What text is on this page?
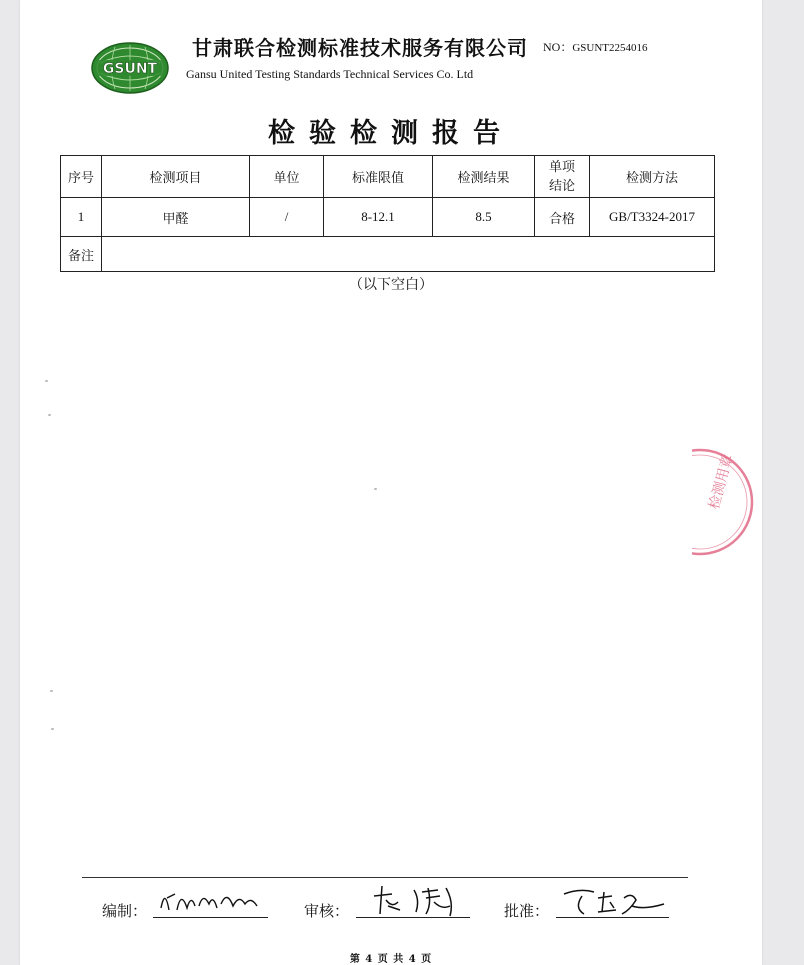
GSUNT
甘肃联合检测标准技术服务有限公司
Gansu United Testing Standards Technical Services Co. Ltd
NO：GSUNT2254016
检验检测报告
序号	检测项目	单位	标准限值	检测结果	单项结论	检测方法
1	甲醛	/	8-12.1	8.5	合格	GB/T3324-2017
备注						
（以下空白）
检测用章
编制：	审核：	批准：
第 4 页 共 4 页
